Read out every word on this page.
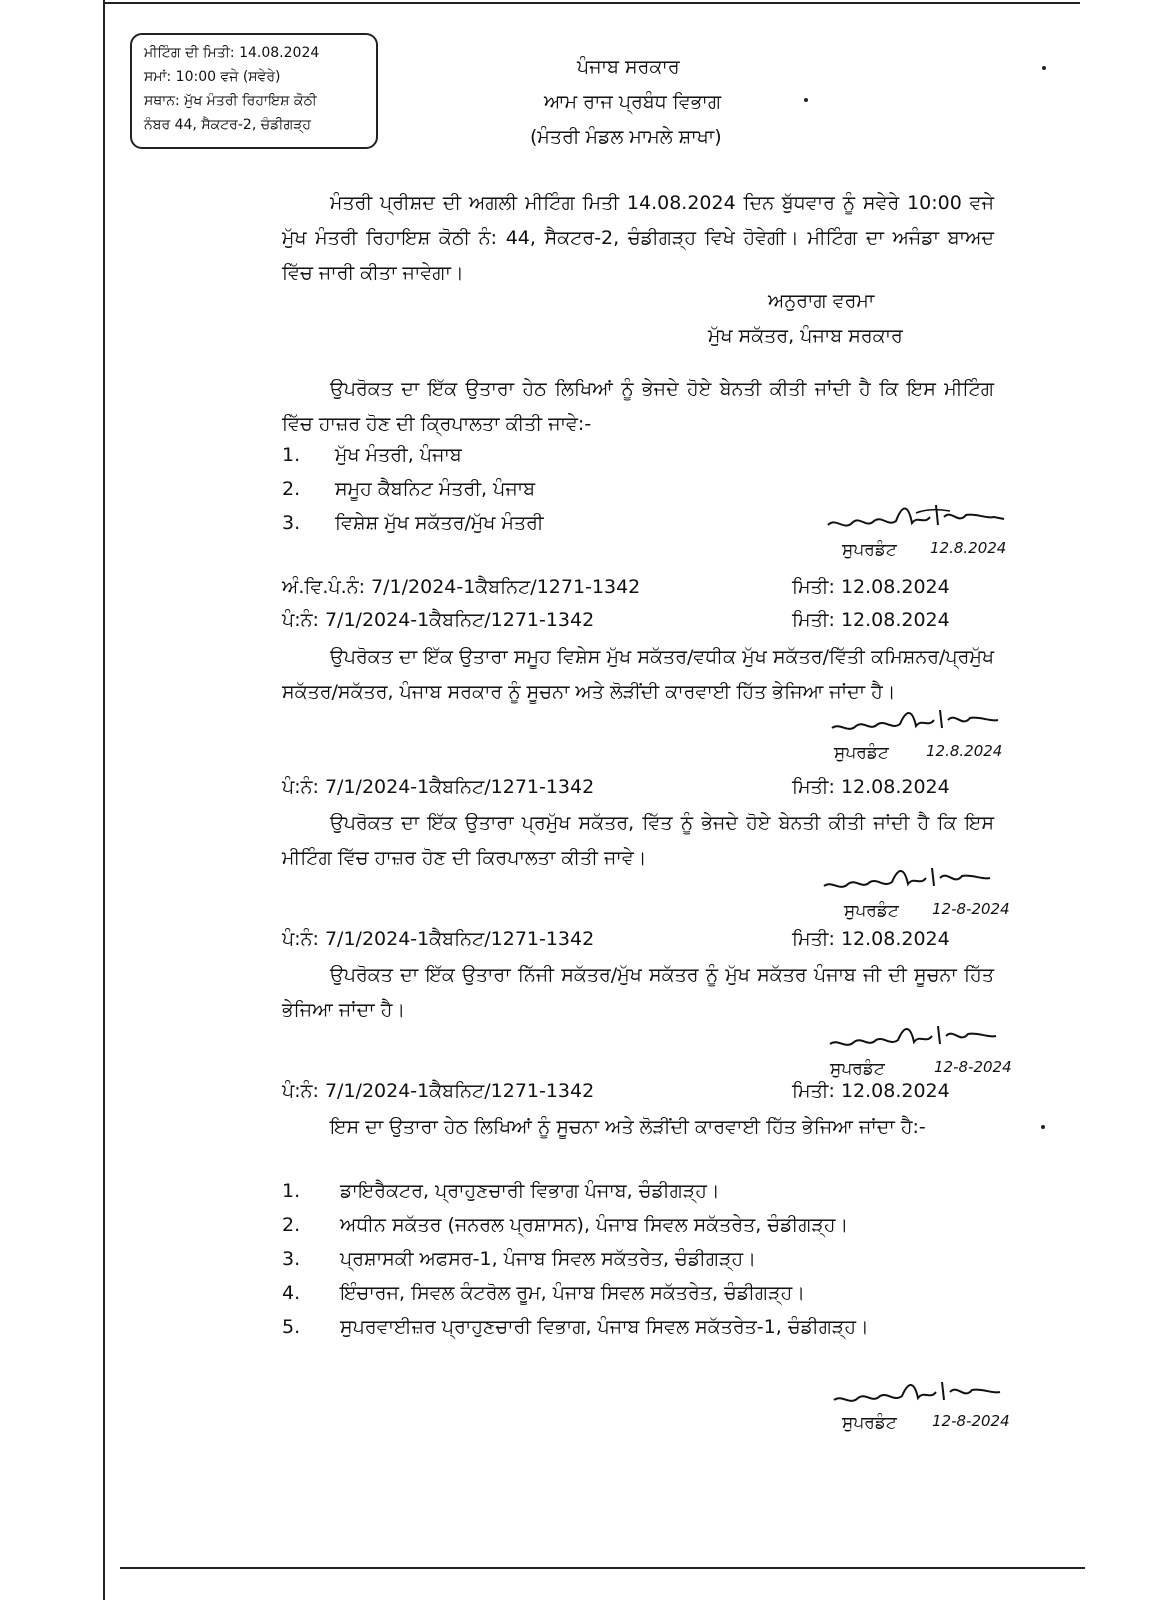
ਮੀਟਿੰਗ ਦੀ ਮਿਤੀ: 14.08.2024
ਸਮਾਂ: 10:00 ਵਜੇ (ਸਵੇਰੇ)
ਸਥਾਨ: ਮੁੱਖ ਮੰਤਰੀ ਰਿਹਾਇਸ਼ ਕੋਠੀ
ਨੰਬਰ 44, ਸੈਕਟਰ-2, ਚੰਡੀਗੜ੍ਹ
ਪੰਜਾਬ ਸਰਕਾਰ
ਆਮ ਰਾਜ ਪ੍ਰਬੰਧ ਵਿਭਾਗ
(ਮੰਤਰੀ ਮੰਡਲ ਮਾਮਲੇ ਸ਼ਾਖਾ)
ਮੰਤਰੀ ਪ੍ਰੀਸ਼ਦ ਦੀ ਅਗਲੀ ਮੀਟਿੰਗ ਮਿਤੀ 14.08.2024 ਦਿਨ ਬੁੱਧਵਾਰ ਨੂੰ ਸਵੇਰੇ 10:00 ਵਜੇ ਮੁੱਖ ਮੰਤਰੀ ਰਿਹਾਇਸ਼ ਕੋਠੀ ਨੰ: 44, ਸੈਕਟਰ-2, ਚੰਡੀਗੜ੍ਹ ਵਿਖੇ ਹੋਵੇਗੀ। ਮੀਟਿੰਗ ਦਾ ਅਜੰਡਾ ਬਾਅਦ ਵਿੱਚ ਜਾਰੀ ਕੀਤਾ ਜਾਵੇਗਾ।
ਅਨੁਰਾਗ ਵਰਮਾ
ਮੁੱਖ ਸਕੱਤਰ, ਪੰਜਾਬ ਸਰਕਾਰ
ਉਪਰੋਕਤ ਦਾ ਇੱਕ ਉਤਾਰਾ ਹੇਠ ਲਿਖਿਆਂ ਨੂੰ ਭੇਜਦੇ ਹੋਏ ਬੇਨਤੀ ਕੀਤੀ ਜਾਂਦੀ ਹੈ ਕਿ ਇਸ ਮੀਟਿੰਗ ਵਿੱਚ ਹਾਜ਼ਰ ਹੋਣ ਦੀ ਕ੍ਰਿਪਾਲਤਾ ਕੀਤੀ ਜਾਵੇ:-
1. ਮੁੱਖ ਮੰਤਰੀ, ਪੰਜਾਬ
2. ਸਮੂਹ ਕੈਬਨਿਟ ਮੰਤਰੀ, ਪੰਜਾਬ
3. ਵਿਸ਼ੇਸ਼ ਮੁੱਖ ਸਕੱਤਰ/ਮੁੱਖ ਮੰਤਰੀ
ਸੁਪਰਡੰਟ 12.8.2024
ਅੰ.ਵਿ.ਪੰ.ਨੰ: 7/1/2024-1ਕੈਬਨਿਟ/1271-1342	ਮਿਤੀ: 12.08.2024
ਪੰ:ਨੰ: 7/1/2024-1ਕੈਬਨਿਟ/1271-1342	ਮਿਤੀ: 12.08.2024
ਉਪਰੋਕਤ ਦਾ ਇੱਕ ਉਤਾਰਾ ਸਮੂਹ ਵਿਸ਼ੇਸ ਮੁੱਖ ਸਕੱਤਰ/ਵਧੀਕ ਮੁੱਖ ਸਕੱਤਰ/ਵਿੱਤੀ ਕਮਿਸ਼ਨਰ/ਪ੍ਰਮੁੱਖ ਸਕੱਤਰ/ਸਕੱਤਰ, ਪੰਜਾਬ ਸਰਕਾਰ ਨੂੰ ਸੂਚਨਾ ਅਤੇ ਲੋੜੀਂਦੀ ਕਾਰਵਾਈ ਹਿੱਤ ਭੇਜਿਆ ਜਾਂਦਾ ਹੈ।
ਸੁਪਰਡੰਟ 12.8.2024
ਪੰ:ਨੰ: 7/1/2024-1ਕੈਬਨਿਟ/1271-1342	ਮਿਤੀ: 12.08.2024
ਉਪਰੋਕਤ ਦਾ ਇੱਕ ਉਤਾਰਾ ਪ੍ਰਮੁੱਖ ਸਕੱਤਰ, ਵਿੱਤ ਨੂੰ ਭੇਜਦੇ ਹੋਏ ਬੇਨਤੀ ਕੀਤੀ ਜਾਂਦੀ ਹੈ ਕਿ ਇਸ ਮੀਟਿੰਗ ਵਿੱਚ ਹਾਜ਼ਰ ਹੋਣ ਦੀ ਕਿਰਪਾਲਤਾ ਕੀਤੀ ਜਾਵੇ।
ਸੁਪਰਡੰਟ 12-8-2024
ਪੰ:ਨੰ: 7/1/2024-1ਕੈਬਨਿਟ/1271-1342	ਮਿਤੀ: 12.08.2024
ਉਪਰੋਕਤ ਦਾ ਇੱਕ ਉਤਾਰਾ ਨਿੱਜੀ ਸਕੱਤਰ/ਮੁੱਖ ਸਕੱਤਰ ਨੂੰ ਮੁੱਖ ਸਕੱਤਰ ਪੰਜਾਬ ਜੀ ਦੀ ਸੂਚਨਾ ਹਿੱਤ ਭੇਜਿਆ ਜਾਂਦਾ ਹੈ।
ਸੁਪਰਡੰਟ	12-8-2024
ਪੰ:ਨੰ: 7/1/2024-1ਕੈਬਨਿਟ/1271-1342	ਮਿਤੀ: 12.08.2024
ਇਸ ਦਾ ਉਤਾਰਾ ਹੇਠ ਲਿਖਿਆਂ ਨੂੰ ਸੂਚਨਾ ਅਤੇ ਲੋੜੀਂਦੀ ਕਾਰਵਾਈ ਹਿੱਤ ਭੇਜਿਆ ਜਾਂਦਾ ਹੈ:-
1. ਡਾਇਰੈਕਟਰ, ਪ੍ਰਾਹੁਣਚਾਰੀ ਵਿਭਾਗ ਪੰਜਾਬ, ਚੰਡੀਗੜ੍ਹ।
2. ਅਧੀਨ ਸਕੱਤਰ (ਜਨਰਲ ਪ੍ਰਸ਼ਾਸਨ), ਪੰਜਾਬ ਸਿਵਲ ਸਕੱਤਰੇਤ, ਚੰਡੀਗੜ੍ਹ।
3. ਪ੍ਰਸ਼ਾਸਕੀ ਅਫਸਰ-1, ਪੰਜਾਬ ਸਿਵਲ ਸਕੱਤਰੇਤ, ਚੰਡੀਗੜ੍ਹ।
4. ਇੰਚਾਰਜ, ਸਿਵਲ ਕੰਟਰੋਲ ਰੂਮ, ਪੰਜਾਬ ਸਿਵਲ ਸਕੱਤਰੇਤ, ਚੰਡੀਗੜ੍ਹ।
5. ਸੁਪਰਵਾਈਜ਼ਰ ਪ੍ਰਾਹੁਣਚਾਰੀ ਵਿਭਾਗ, ਪੰਜਾਬ ਸਿਵਲ ਸਕੱਤਰੇਤ-1, ਚੰਡੀਗੜ੍ਹ।
ਸੁਪਰਡੰਟ 12-8-2024
